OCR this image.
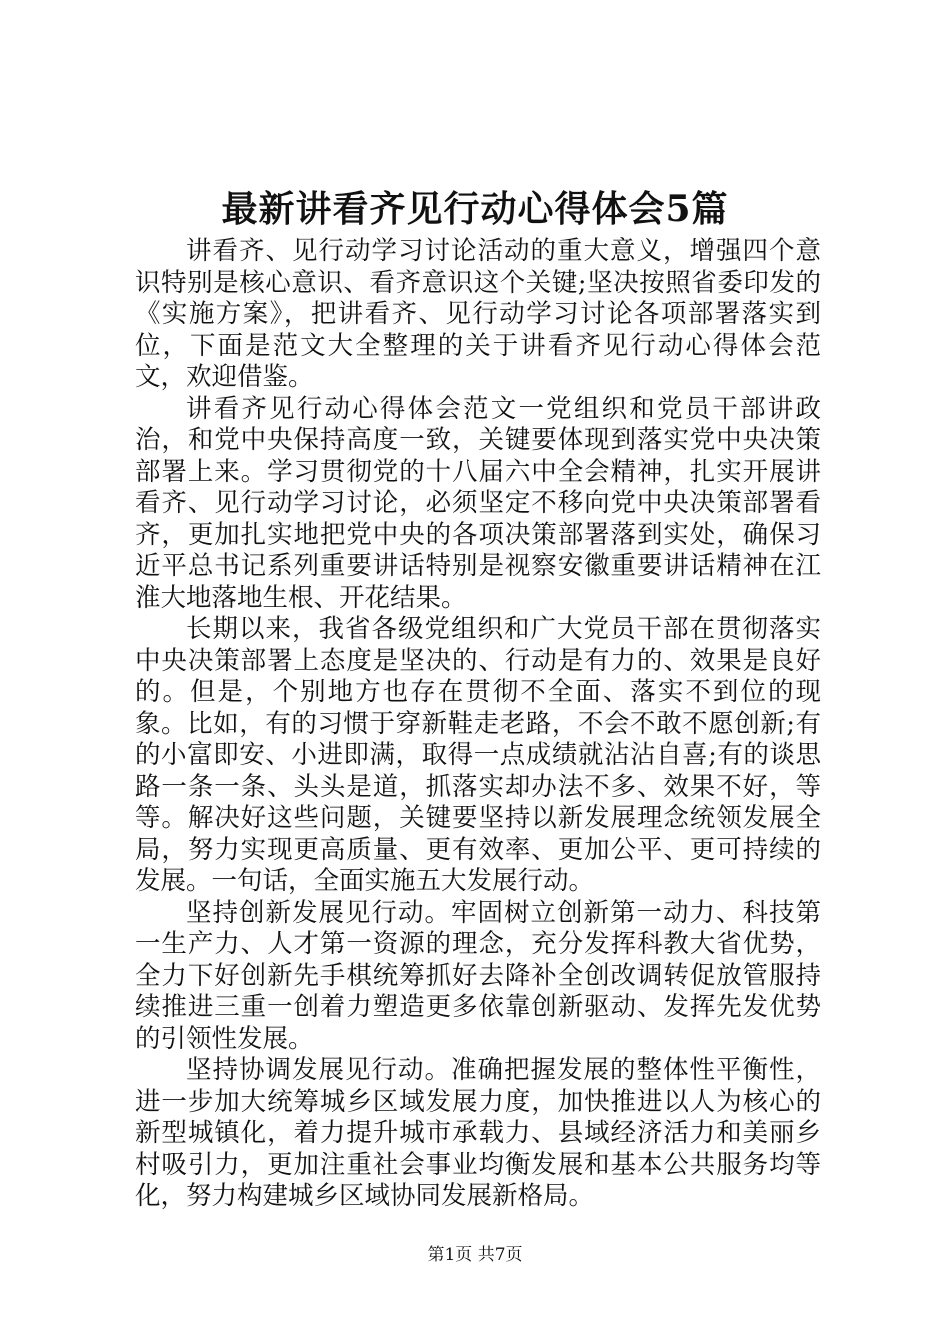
最新讲看齐见行动心得体会5篇

讲看齐、见行动学习讨论活动的重大意义，增强四个意识特别是核心意识、看齐意识这个关键;坚决按照省委印发的《实施方案》，把讲看齐、见行动学习讨论各项部署落实到位，下面是范文大全整理的关于讲看齐见行动心得体会范文，欢迎借鉴。

讲看齐见行动心得体会范文一党组织和党员干部讲政治，和党中央保持高度一致，关键要体现到落实党中央决策部署上来。学习贯彻党的十八届六中全会精神，扎实开展讲看齐、见行动学习讨论，必须坚定不移向党中央决策部署看齐，更加扎实地把党中央的各项决策部署落到实处，确保习近平总书记系列重要讲话特别是视察安徽重要讲话精神在江淮大地落地生根、开花结果。

长期以来，我省各级党组织和广大党员干部在贯彻落实中央决策部署上态度是坚决的、行动是有力的、效果是良好的。但是，个别地方也存在贯彻不全面、落实不到位的现象。比如，有的习惯于穿新鞋走老路，不会不敢不愿创新;有的小富即安、小进即满，取得一点成绩就沾沾自喜;有的谈思路一条一条、头头是道，抓落实却办法不多、效果不好，等等。解决好这些问题，关键要坚持以新发展理念统领发展全局，努力实现更高质量、更有效率、更加公平、更可持续的发展。一句话，全面实施五大发展行动。

坚持创新发展见行动。牢固树立创新第一动力、科技第一生产力、人才第一资源的理念，充分发挥科教大省优势，全力下好创新先手棋统筹抓好去降补全创改调转促放管服持续推进三重一创着力塑造更多依靠创新驱动、发挥先发优势的引领性发展。

坚持协调发展见行动。准确把握发展的整体性平衡性，进一步加大统筹城乡区域发展力度，加快推进以人为核心的新型城镇化，着力提升城市承载力、县域经济活力和美丽乡村吸引力，更加注重社会事业均衡发展和基本公共服务均等化，努力构建城乡区域协同发展新格局。

第1页 共7页
